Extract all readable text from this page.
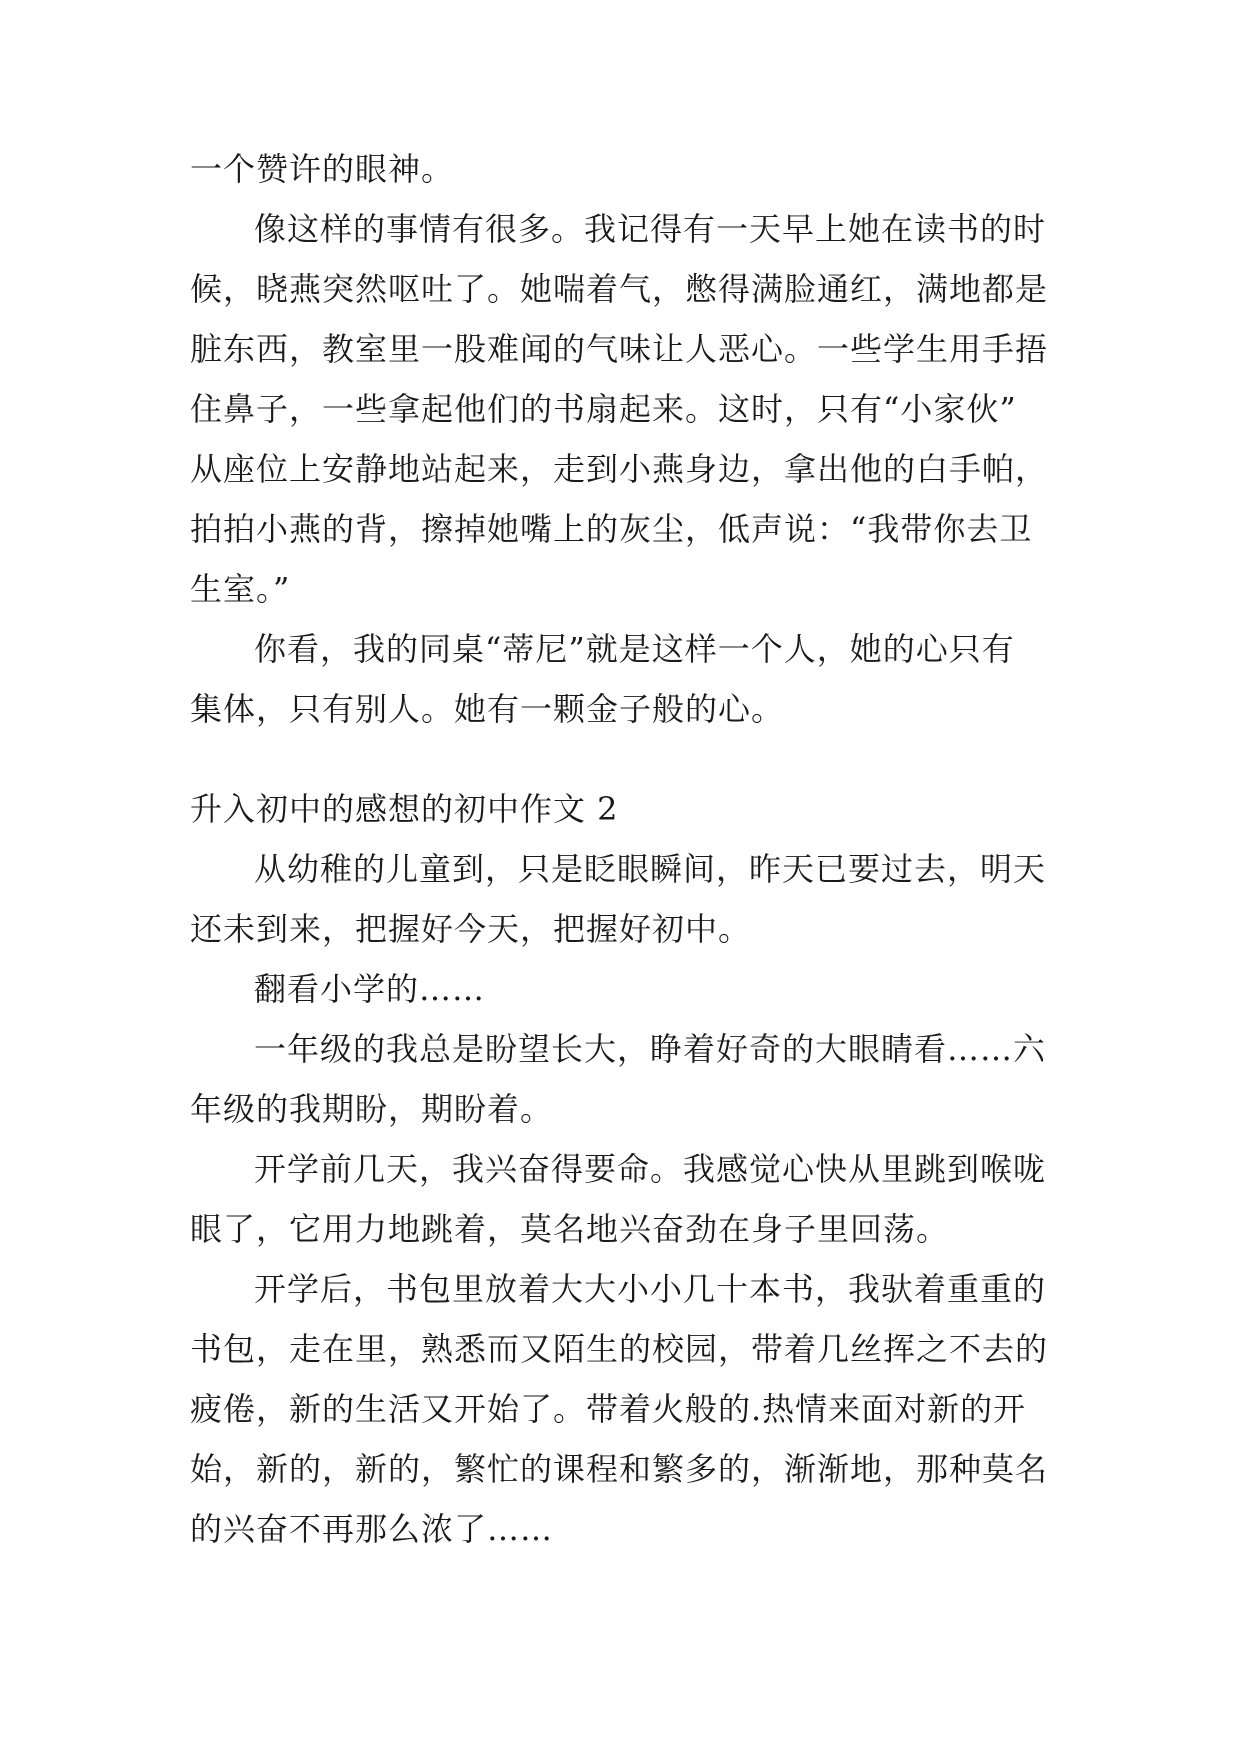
一个赞许的眼神。
像这样的事情有很多。我记得有一天早上她在读书的时
候，晓燕突然呕吐了。她喘着气，憋得满脸通红，满地都是
脏东西，教室里一股难闻的气味让人恶心。一些学生用手捂
住鼻子，一些拿起他们的书扇起来。这时，只有“小家伙”
从座位上安静地站起来，走到小燕身边，拿出他的白手帕，
拍拍小燕的背，擦掉她嘴上的灰尘，低声说：“我带你去卫
生室。”
你看，我的同桌“蒂尼”就是这样一个人，她的心只有
集体，只有别人。她有一颗金子般的心。
升入初中的感想的初中作文 2
从幼稚的儿童到，只是眨眼瞬间，昨天已要过去，明天
还未到来，把握好今天，把握好初中。
翻看小学的……
一年级的我总是盼望长大，睁着好奇的大眼睛看……六
年级的我期盼，期盼着。
开学前几天，我兴奋得要命。我感觉心快从里跳到喉咙
眼了，它用力地跳着，莫名地兴奋劲在身子里回荡。
开学后，书包里放着大大小小几十本书，我驮着重重的
书包，走在里，熟悉而又陌生的校园，带着几丝挥之不去的
疲倦，新的生活又开始了。带着火般的.热情来面对新的开
始，新的，新的，繁忙的课程和繁多的，渐渐地，那种莫名
的兴奋不再那么浓了……
